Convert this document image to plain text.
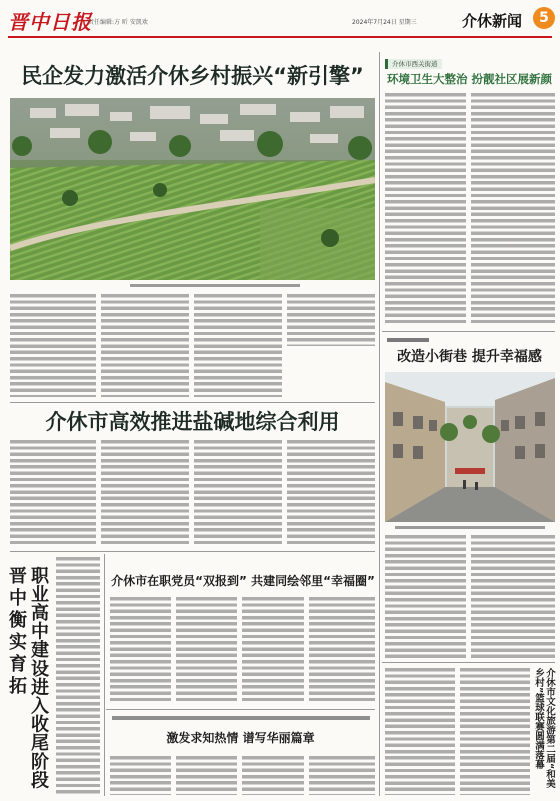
晋中日报
责任编辑:方 昕 安凯欢	2024年7月24日 星期三	介休新闻	5
民企发力激活介休乡村振兴“新引擎”
介休市高效推进盐碱地综合利用
晋中衡实育拓 职业高中建设进入收尾阶段	介休市在职党员“双报到” 共建同绘邻里“幸福圈”
激发求知热情 谱写华丽篇章
介休市西关街道
环境卫生大整治 扮靓社区展新颜
改造小街巷 提升幸福感
介休市文化旅游第二届“和美乡村”篮球联赛圆满落幕
